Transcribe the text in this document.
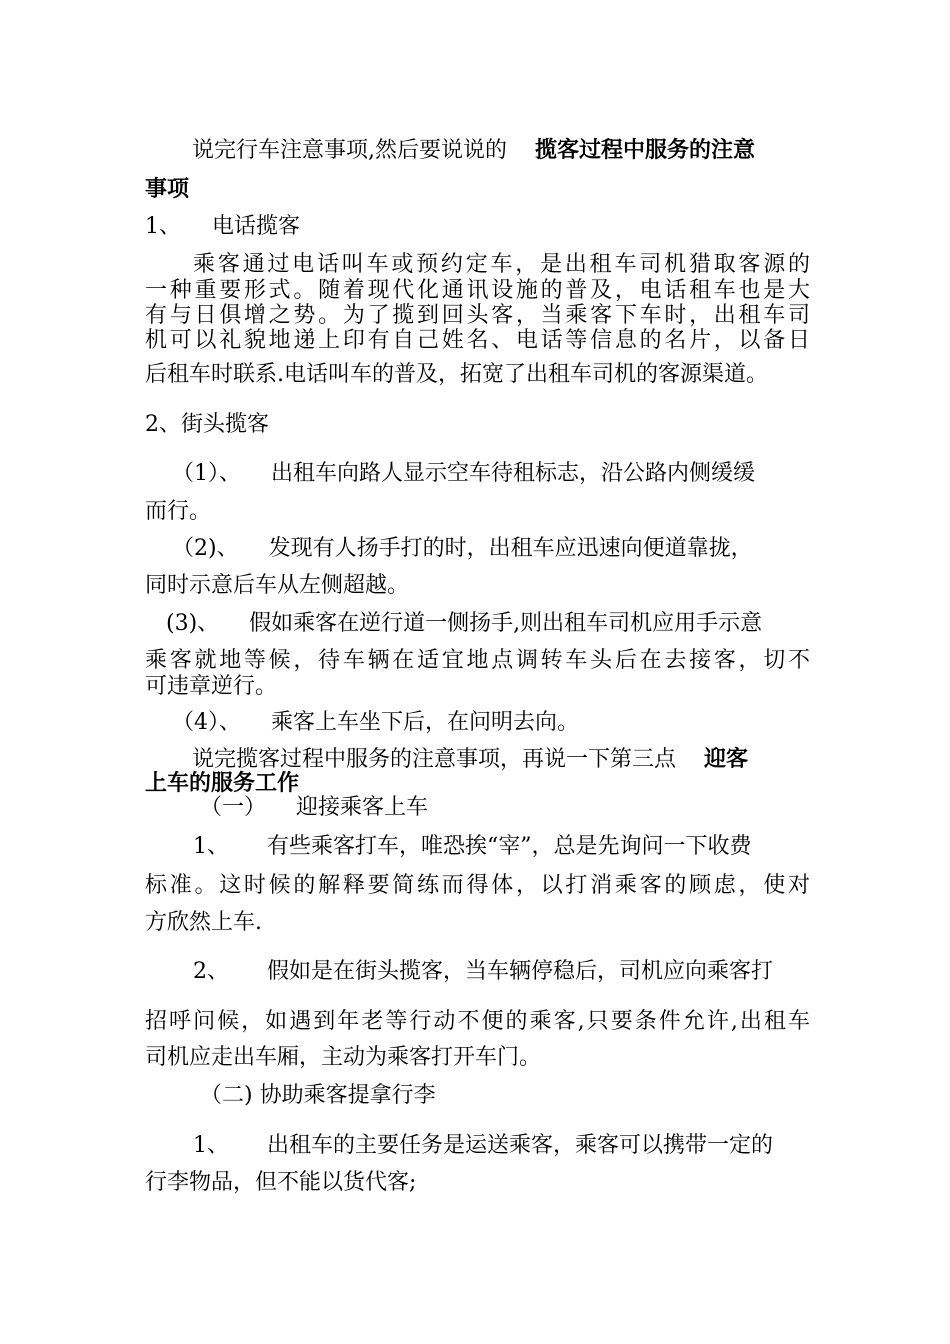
说完行车注意事项,然后要说说的 揽客过程中服务的注意
事项
1、 电话揽客
乘客通过电话叫车或预约定车，是出租车司机猎取客源的
一种重要形式。随着现代化通讯设施的普及，电话租车也是大
有与日俱增之势。为了揽到回头客，当乘客下车时，出租车司
机可以礼貌地递上印有自己姓名、电话等信息的名片，以备日
后租车时联系.电话叫车的普及，拓宽了出租车司机的客源渠道。
2、街头揽客
（1）、 出租车向路人显示空车待租标志，沿公路内侧缓缓
而行。
（2)、 发现有人扬手打的时，出租车应迅速向便道靠拢，
同时示意后车从左侧超越。
(3)、 假如乘客在逆行道一侧扬手,则出租车司机应用手示意
乘客就地等候，待车辆在适宜地点调转车头后在去接客，切不
可违章逆行。
（4）、 乘客上车坐下后，在问明去向。
说完揽客过程中服务的注意事项，再说一下第三点 迎客
上车的服务工作
（一） 迎接乘客上车
1、 有些乘客打车，唯恐挨“宰”，总是先询问一下收费
标准。这时候的解释要简练而得体，以打消乘客的顾虑，使对
方欣然上车.
2、 假如是在街头揽客，当车辆停稳后，司机应向乘客打
招呼问候，如遇到年老等行动不便的乘客,只要条件允许,出租车
司机应走出车厢，主动为乘客打开车门。
（二) 协助乘客提拿行李
1、 出租车的主要任务是运送乘客，乘客可以携带一定的
行李物品，但不能以货代客;
